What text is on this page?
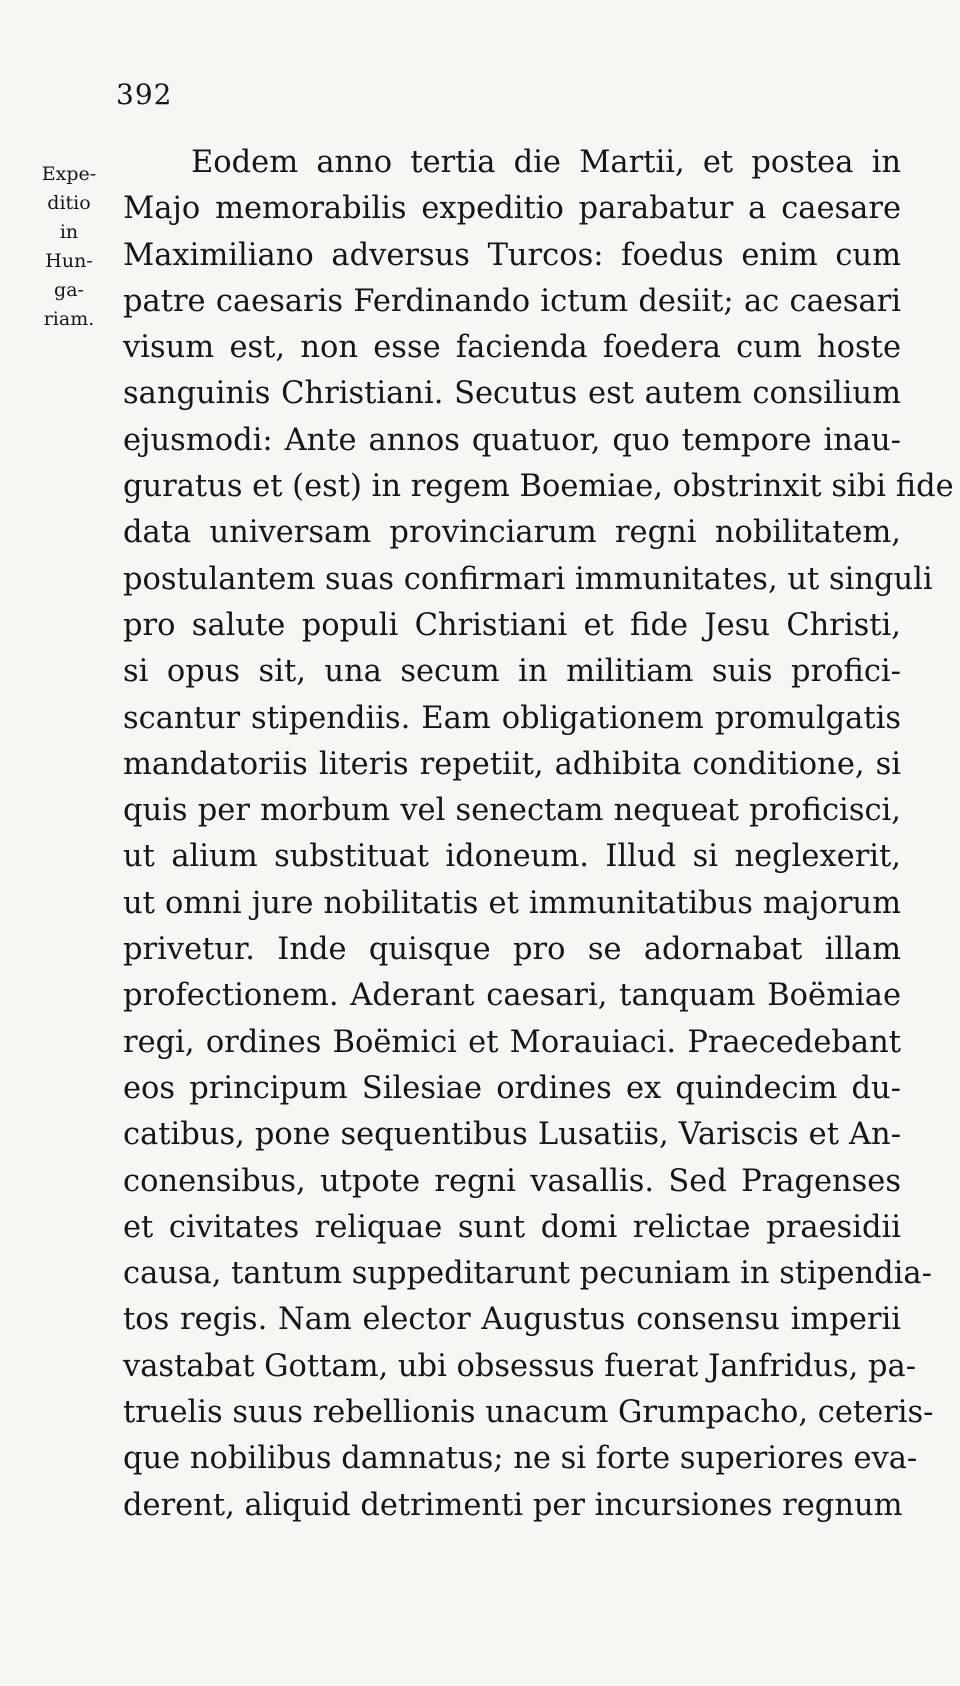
392
Expe-
ditio
in
Hun-
ga-
riam.
Eodem anno tertia die Martii, et postea in
Majo memorabilis expeditio parabatur a caesare
Maximiliano adversus Turcos: foedus enim cum
patre caesaris Ferdinando ictum desiit; ac caesari
visum est, non esse facienda foedera cum hoste
sanguinis Christiani. Secutus est autem consilium
ejusmodi: Ante annos quatuor, quo tempore inau-
guratus et (est) in regem Boemiae, obstrinxit sibi fide
data universam provinciarum regni nobilitatem,
postulantem suas confirmari immunitates, ut singuli
pro salute populi Christiani et fide Jesu Christi,
si opus sit, una secum in militiam suis profici-
scantur stipendiis. Eam obligationem promulgatis
mandatoriis literis repetiit, adhibita conditione, si
quis per morbum vel senectam nequeat proficisci,
ut alium substituat idoneum. Illud si neglexerit,
ut omni jure nobilitatis et immunitatibus majorum
privetur. Inde quisque pro se adornabat illam
profectionem. Aderant caesari, tanquam Boëmiae
regi, ordines Boëmici et Morauiaci. Praecedebant
eos principum Silesiae ordines ex quindecim du-
catibus, pone sequentibus Lusatiis, Variscis et An-
conensibus, utpote regni vasallis. Sed Pragenses
et civitates reliquae sunt domi relictae praesidii
causa, tantum suppeditarunt pecuniam in stipendia-
tos regis. Nam elector Augustus consensu imperii
vastabat Gottam, ubi obsessus fuerat Janfridus, pa-
truelis suus rebellionis unacum Grumpacho, ceteris-
que nobilibus damnatus; ne si forte superiores eva-
derent, aliquid detrimenti per incursiones regnum
